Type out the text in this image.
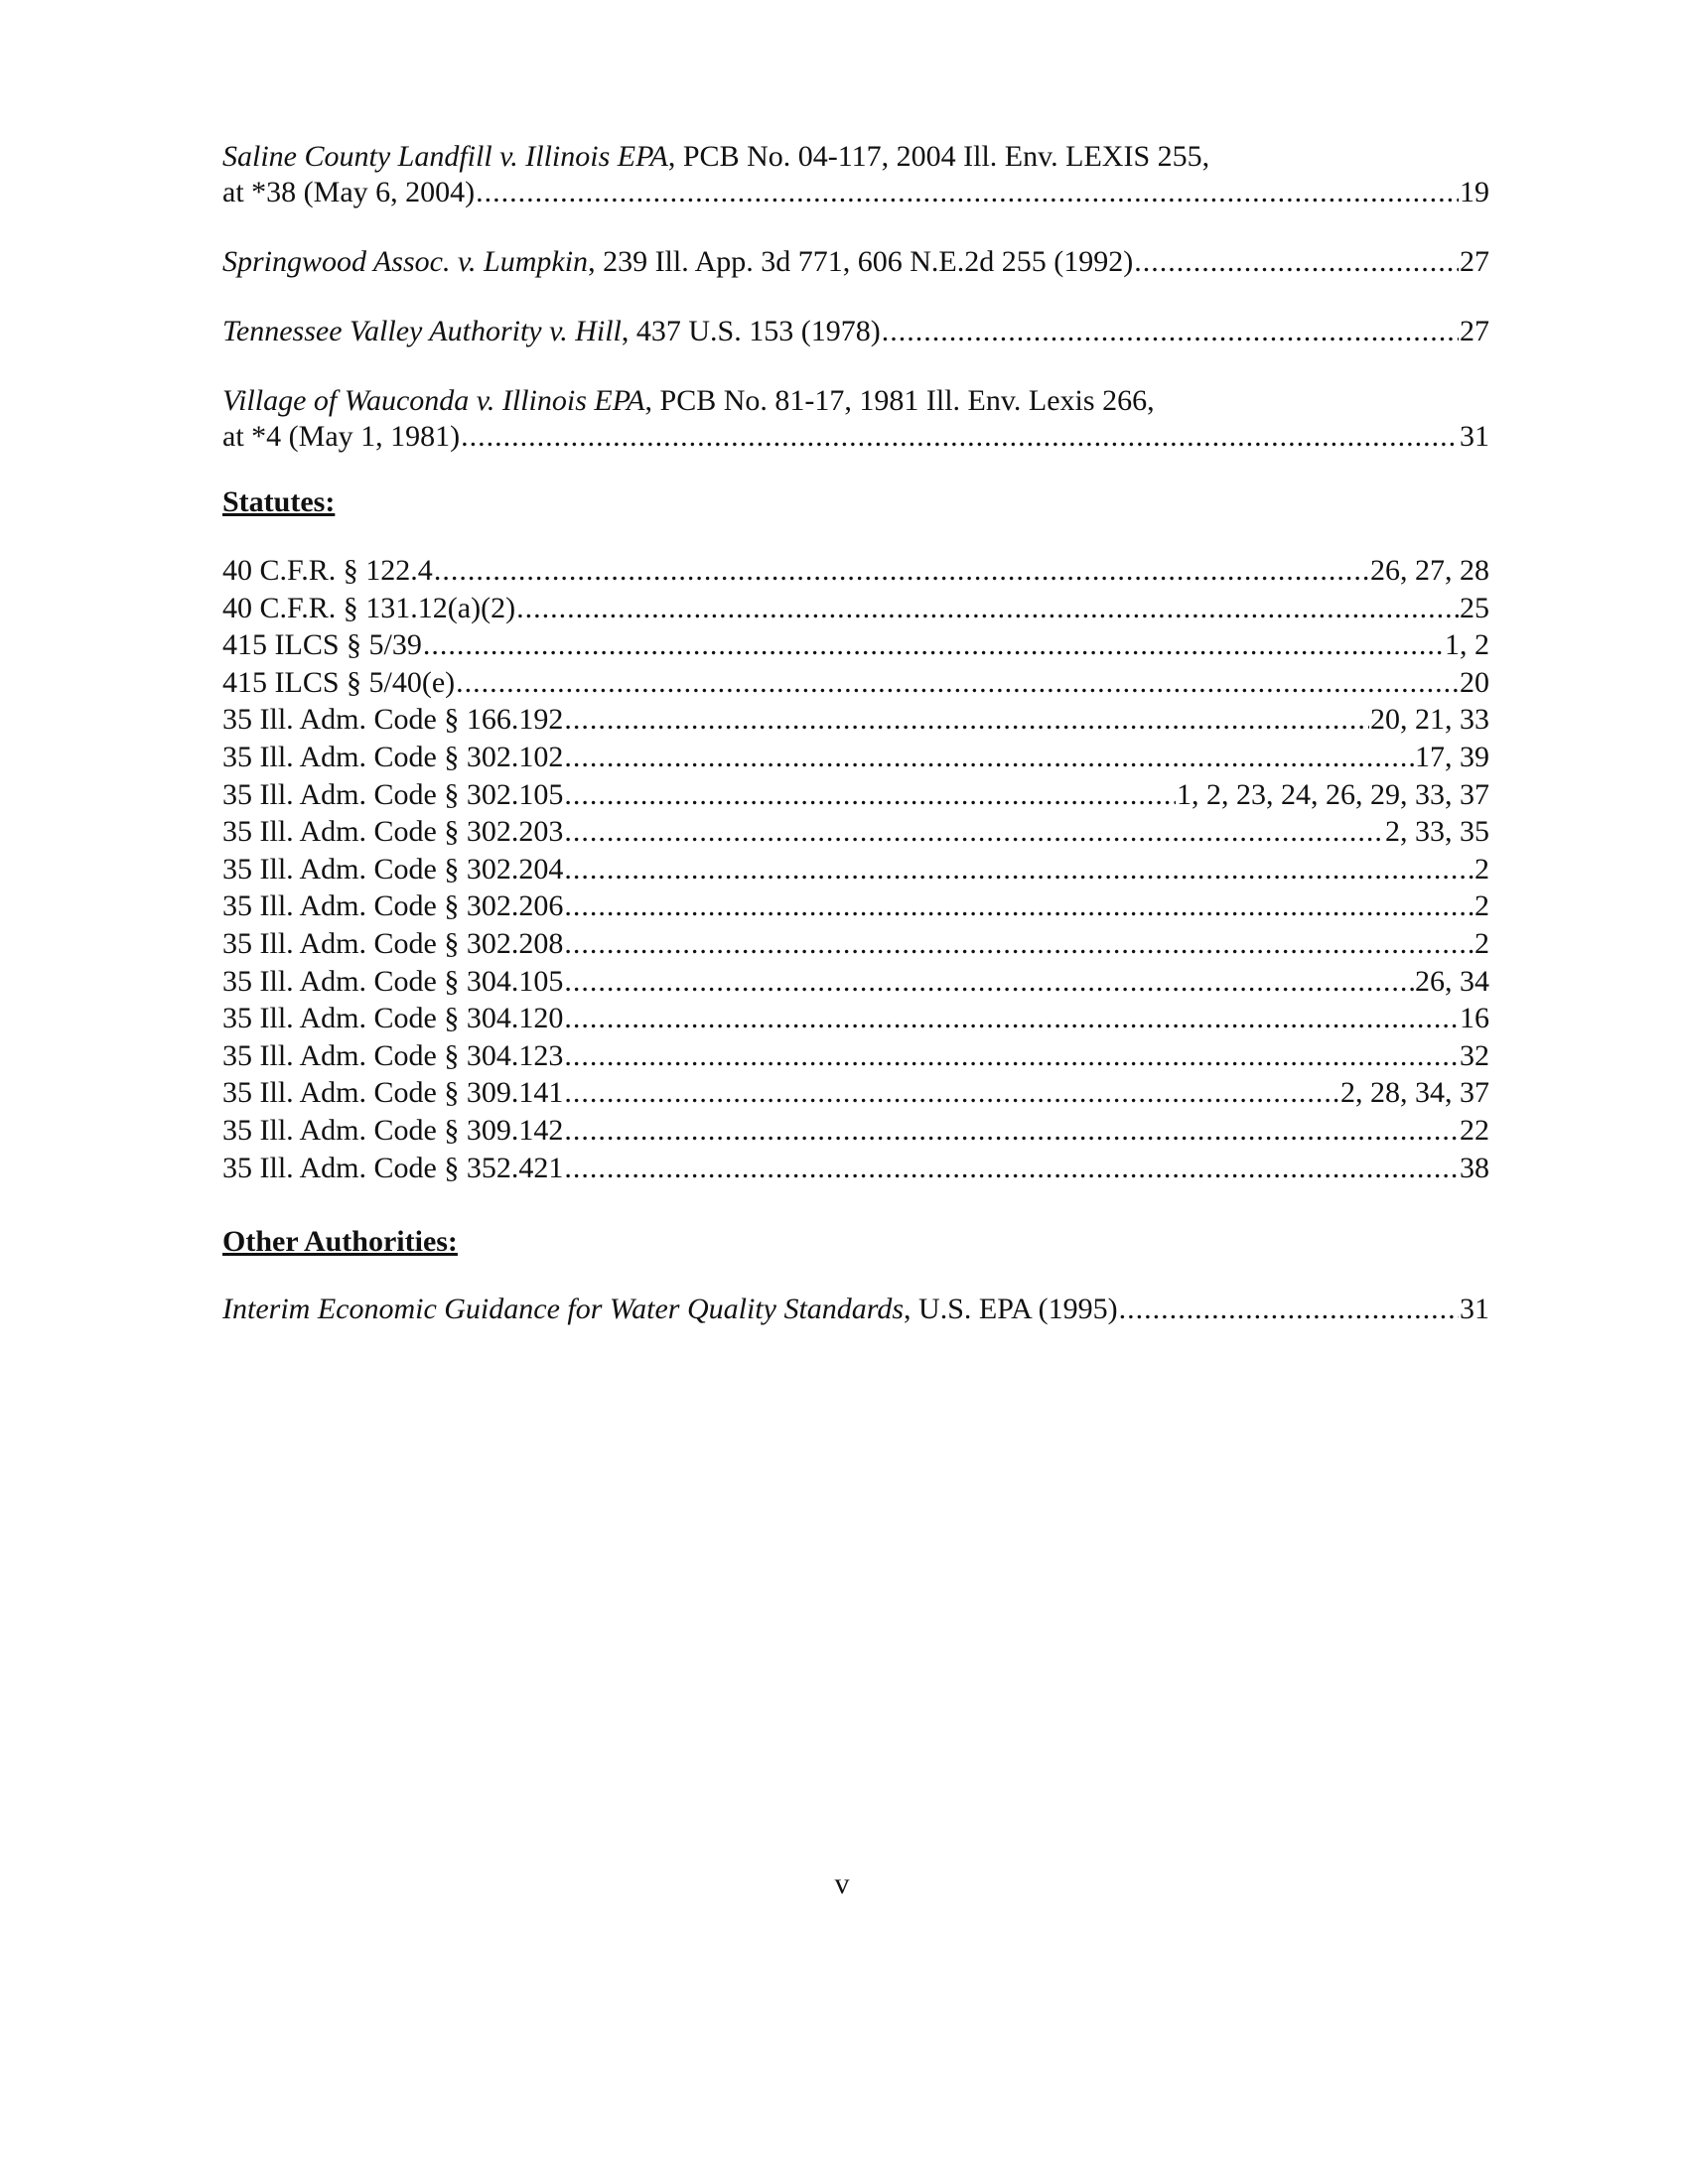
Saline County Landfill v. Illinois EPA, PCB No. 04-117, 2004 Ill. Env. LEXIS 255,
at *38 (May 6, 2004) .....	19
Springwood Assoc. v. Lumpkin, 239 Ill. App. 3d 771, 606 N.E.2d 255 (1992) .....	27
Tennessee Valley Authority v. Hill, 437 U.S. 153 (1978) .....	27
Village of Wauconda v. Illinois EPA, PCB No. 81-17, 1981 Ill. Env. Lexis 266,
at *4 (May 1, 1981) .....	31
Statutes:
40 C.F.R. § 122.4 .....	26, 27, 28
40 C.F.R. § 131.12(a)(2) .....	25
415 ILCS § 5/39 .....	1, 2
415 ILCS § 5/40(e) .....	20
35 Ill. Adm. Code § 166.192 .....	20, 21, 33
35 Ill. Adm. Code § 302.102 .....	17, 39
35 Ill. Adm. Code § 302.105 .....	1, 2, 23, 24, 26, 29, 33, 37
35 Ill. Adm. Code § 302.203 .....	2, 33, 35
35 Ill. Adm. Code § 302.204 .....	2
35 Ill. Adm. Code § 302.206 .....	2
35 Ill. Adm. Code § 302.208 .....	2
35 Ill. Adm. Code § 304.105 .....	26, 34
35 Ill. Adm. Code § 304.120 .....	16
35 Ill. Adm. Code § 304.123 .....	32
35 Ill. Adm. Code § 309.141 .....	2, 28, 34, 37
35 Ill. Adm. Code § 309.142 .....	22
35 Ill. Adm. Code § 352.421 .....	38
Other Authorities:
Interim Economic Guidance for Water Quality Standards, U.S. EPA (1995) .....	31
v
